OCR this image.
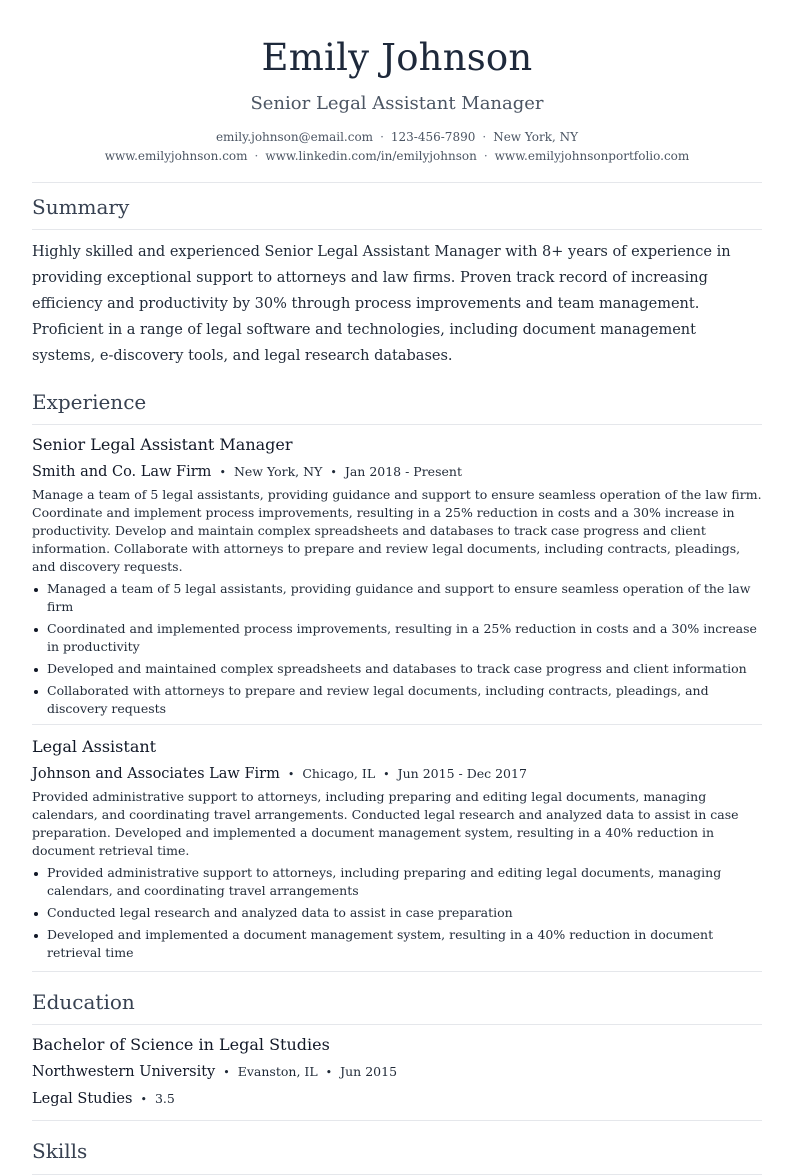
Emily Johnson
Senior Legal Assistant Manager
emily.johnson@email.com · 123-456-7890 · New York, NY
www.emilyjohnson.com · www.linkedin.com/in/emilyjohnson · www.emilyjohnsonportfolio.com
Summary

Highly skilled and experienced Senior Legal Assistant Manager with 8+ years of experience in providing exceptional support to attorneys and law firms. Proven track record of increasing efficiency and productivity by 30% through process improvements and team management. Proficient in a range of legal software and technologies, including document management systems, e-discovery tools, and legal research databases.

Experience
Senior Legal Assistant Manager
Smith and Co. Law Firm • New York, NY • Jan 2018 - Present

Manage a team of 5 legal assistants, providing guidance and support to ensure seamless operation of the law firm. Coordinate and implement process improvements, resulting in a 25% reduction in costs and a 30% increase in productivity. Develop and maintain complex spreadsheets and databases to track case progress and client information. Collaborate with attorneys to prepare and review legal documents, including contracts, pleadings, and discovery requests.

Managed a team of 5 legal assistants, providing guidance and support to ensure seamless operation of the law firm
Coordinated and implemented process improvements, resulting in a 25% reduction in costs and a 30% increase in productivity
Developed and maintained complex spreadsheets and databases to track case progress and client information
Collaborated with attorneys to prepare and review legal documents, including contracts, pleadings, and discovery requests
Legal Assistant
Johnson and Associates Law Firm • Chicago, IL • Jun 2015 - Dec 2017

Provided administrative support to attorneys, including preparing and editing legal documents, managing calendars, and coordinating travel arrangements. Conducted legal research and analyzed data to assist in case preparation. Developed and implemented a document management system, resulting in a 40% reduction in document retrieval time.

Provided administrative support to attorneys, including preparing and editing legal documents, managing calendars, and coordinating travel arrangements
Conducted legal research and analyzed data to assist in case preparation
Developed and implemented a document management system, resulting in a 40% reduction in document retrieval time
Education
Bachelor of Science in Legal Studies
Northwestern University • Evanston, IL • Jun 2015
Legal Studies • 3.5
Skills
